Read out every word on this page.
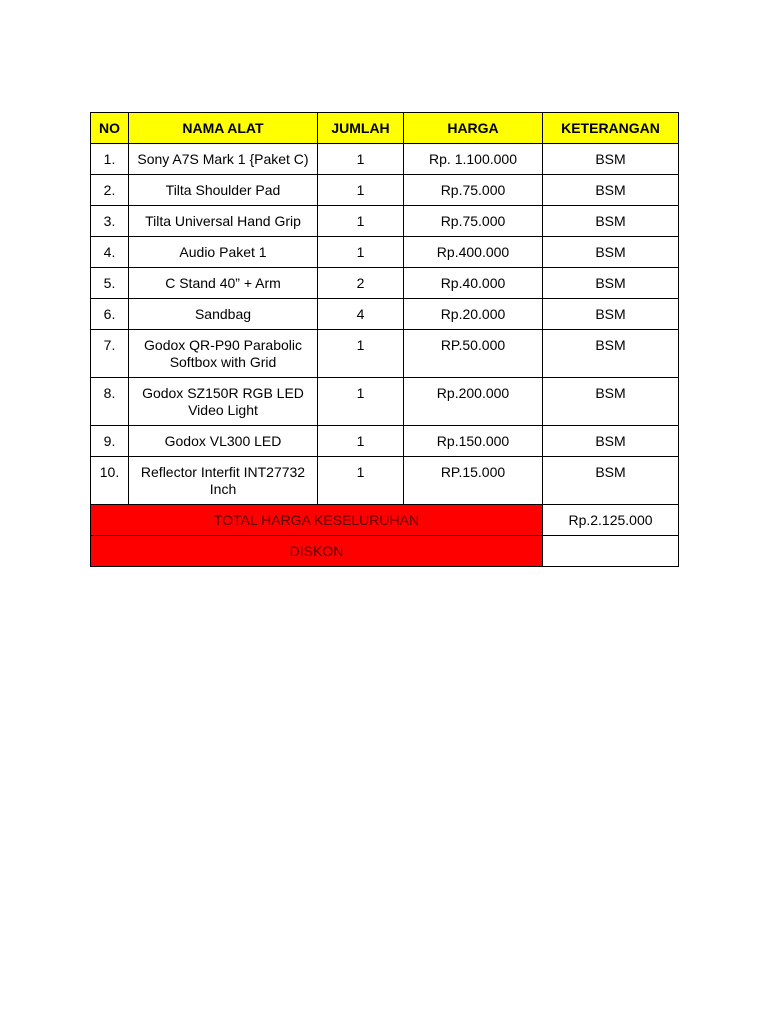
NO	NAMA ALAT	JUMLAH	HARGA	KETERANGAN
1.	Sony A7S Mark 1 {Paket C)	1	Rp. 1.100.000	BSM
2.	Tilta Shoulder Pad	1	Rp.75.000	BSM
3.	Tilta Universal Hand Grip	1	Rp.75.000	BSM
4.	Audio Paket 1	1	Rp.400.000	BSM
5.	C Stand 40” + Arm	2	Rp.40.000	BSM
6.	Sandbag	4	Rp.20.000	BSM
7.	Godox QR-P90 Parabolic Softbox with Grid	1	RP.50.000	BSM
8.	Godox SZ150R RGB LED Video Light	1	Rp.200.000	BSM
9.	Godox VL300 LED	1	Rp.150.000	BSM
10.	Reflector Interfit INT27732 Inch	1	RP.15.000	BSM
TOTAL HARGA KESELURUHAN				Rp.2.125.000
DISKON				
